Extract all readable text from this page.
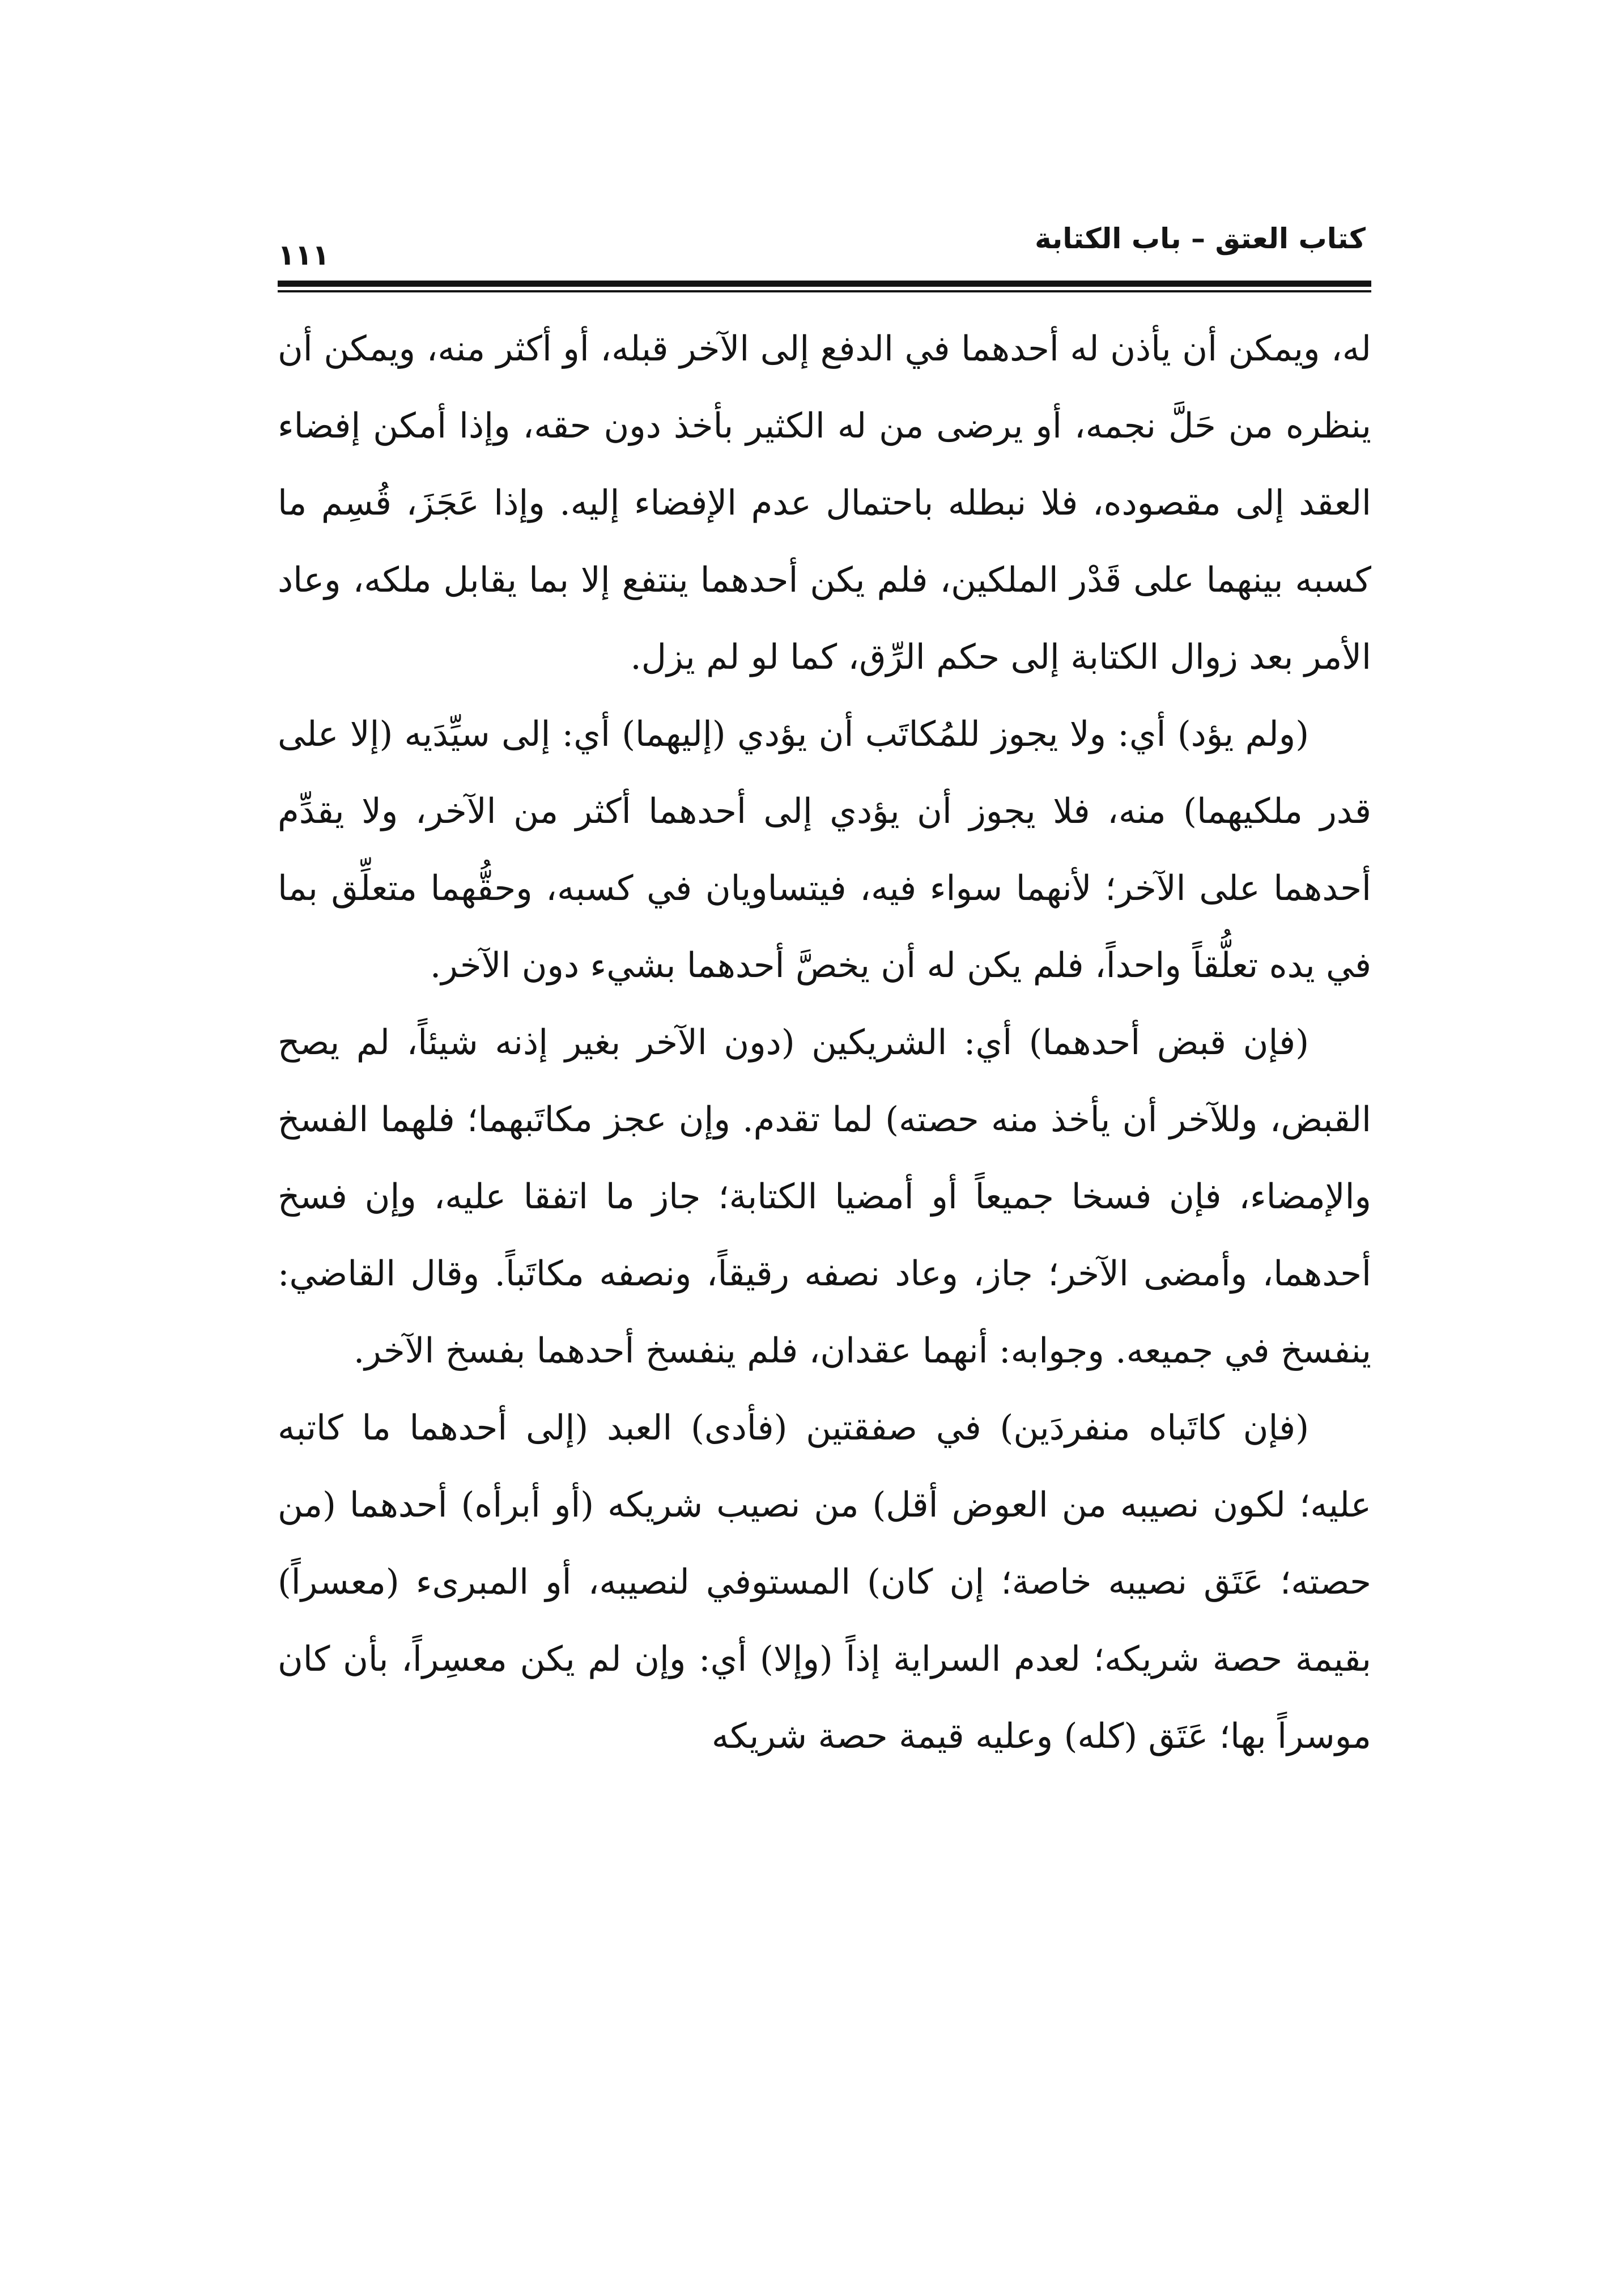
كتاب العتق – باب الكتابة
١١١

له، ويمكن أن يأذن له أحدهما في الدفع إلى الآخر قبله، أو أكثر منه، ويمكن أن ينظره من حَلَّ نجمه، أو يرضى من له الكثير بأخذ دون حقه، وإذا أمكن إفضاء العقد إلى مقصوده، فلا نبطله باحتمال عدم الإفضاء إليه. وإذا عَجَزَ، قُسِم ما كسبه بينهما على قَدْر الملكين، فلم يكن أحدهما ينتفع إلا بما يقابل ملكه، وعاد الأمر بعد زوال الكتابة إلى حكم الرِّق، كما لو لم يزل.

(ولم يؤد) أي: ولا يجوز للمُكاتَب أن يؤدي (إليهما) أي: إلى سيِّدَيه (إلا على قدر ملكيهما) منه، فلا يجوز أن يؤدي إلى أحدهما أكثر من الآخر، ولا يقدِّم أحدهما على الآخر؛ لأنهما سواء فيه، فيتساويان في كسبه، وحقُّهما متعلِّق بما في يده تعلُّقاً واحداً، فلم يكن له أن يخصَّ أحدهما بشيء دون الآخر.

(فإن قبض أحدهما) أي: الشريكين (دون الآخر بغير إذنه شيئاً، لم يصح القبض، وللآخر أن يأخذ منه حصته) لما تقدم. وإن عجز مكاتَبهما؛ فلهما الفسخ والإمضاء، فإن فسخا جميعاً أو أمضيا الكتابة؛ جاز ما اتفقا عليه، وإن فسخ أحدهما، وأمضى الآخر؛ جاز، وعاد نصفه رقيقاً، ونصفه مكاتَباً. وقال القاضي: ينفسخ في جميعه. وجوابه: أنهما عقدان، فلم ينفسخ أحدهما بفسخ الآخر.

(فإن كاتَباه منفردَين) في صفقتين (فأدى) العبد (إلى أحدهما ما كاتبه عليه؛ لكون نصيبه من العوض أقل) من نصيب شريكه (أو أبرأه) أحدهما (من حصته؛ عَتَق نصيبه خاصة؛ إن كان) المستوفي لنصيبه، أو المبرىء (معسراً) بقيمة حصة شريكه؛ لعدم السراية إذاً (وإلا) أي: وإن لم يكن معسِراً، بأن كان موسراً بها؛ عَتَق (كله) وعليه قيمة حصة شريكه
